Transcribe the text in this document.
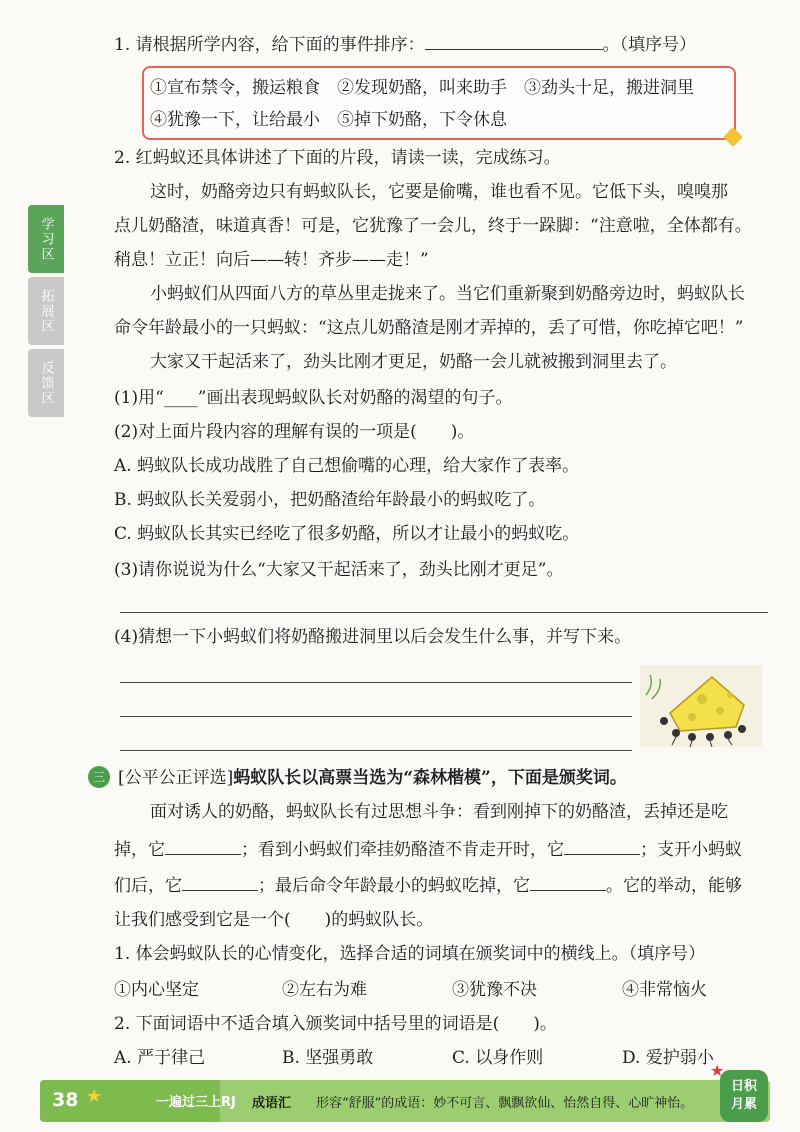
1. 请根据所学内容，给下面的事件排序：	。（填序号）
①宣布禁令，搬运粮食　②发现奶酪，叫来助手　③劲头十足，搬进洞里
④犹豫一下，让给最小　⑤掉下奶酪，下令休息
2. 红蚂蚁还具体讲述了下面的片段，请读一读，完成练习。
这时，奶酪旁边只有蚂蚁队长，它要是偷嘴，谁也看不见。它低下头，嗅嗅那
点儿奶酪渣，味道真香！可是，它犹豫了一会儿，终于一跺脚：“注意啦，全体都有。
稍息！立正！向后——转！齐步——走！”
小蚂蚁们从四面八方的草丛里走拢来了。当它们重新聚到奶酪旁边时，蚂蚁队长
命令年龄最小的一只蚂蚁：“这点儿奶酪渣是刚才弄掉的，丢了可惜，你吃掉它吧！”
大家又干起活来了，劲头比刚才更足，奶酪一会儿就被搬到洞里去了。
(1)用“____”画出表现蚂蚁队长对奶酪的渴望的句子。
(2)对上面片段内容的理解有误的一项是(　　)。
A. 蚂蚁队长成功战胜了自己想偷嘴的心理，给大家作了表率。
B. 蚂蚁队长关爱弱小，把奶酪渣给年龄最小的蚂蚁吃了。
C. 蚂蚁队长其实已经吃了很多奶酪，所以才让最小的蚂蚁吃。
(3)请你说说为什么“大家又干起活来了，劲头比刚才更足”。
(4)猜想一下小蚂蚁们将奶酪搬进洞里以后会发生什么事，并写下来。
三 [公平公正评选]蚂蚁队长以高票当选为“森林楷模”，下面是颁奖词。
面对诱人的奶酪，蚂蚁队长有过思想斗争：看到刚掉下的奶酪渣，丢掉还是吃
掉，它	；看到小蚂蚁们牵挂奶酪渣不肯走开时，它	；支开小蚂蚁
们后，它	；最后命令年龄最小的蚂蚁吃掉，它	。它的举动，能够
让我们感受到它是一个(　　)的蚂蚁队长。
1. 体会蚂蚁队长的心情变化，选择合适的词填在颁奖词中的横线上。（填序号）
①内心坚定	②左右为难	③犹豫不决	④非常恼火
2. 下面词语中不适合填入颁奖词中括号里的词语是(　　)。
A. 严于律己	B. 坚强勇敢	C. 以身作则	D. 爱护弱小
学习区
拓展区
反馈区
38 ★	一遍过三上RJ 成语汇 形容“舒服”的成语：妙不可言、飘飘欲仙、怡然自得、心旷神怡。
★
日积
月累
